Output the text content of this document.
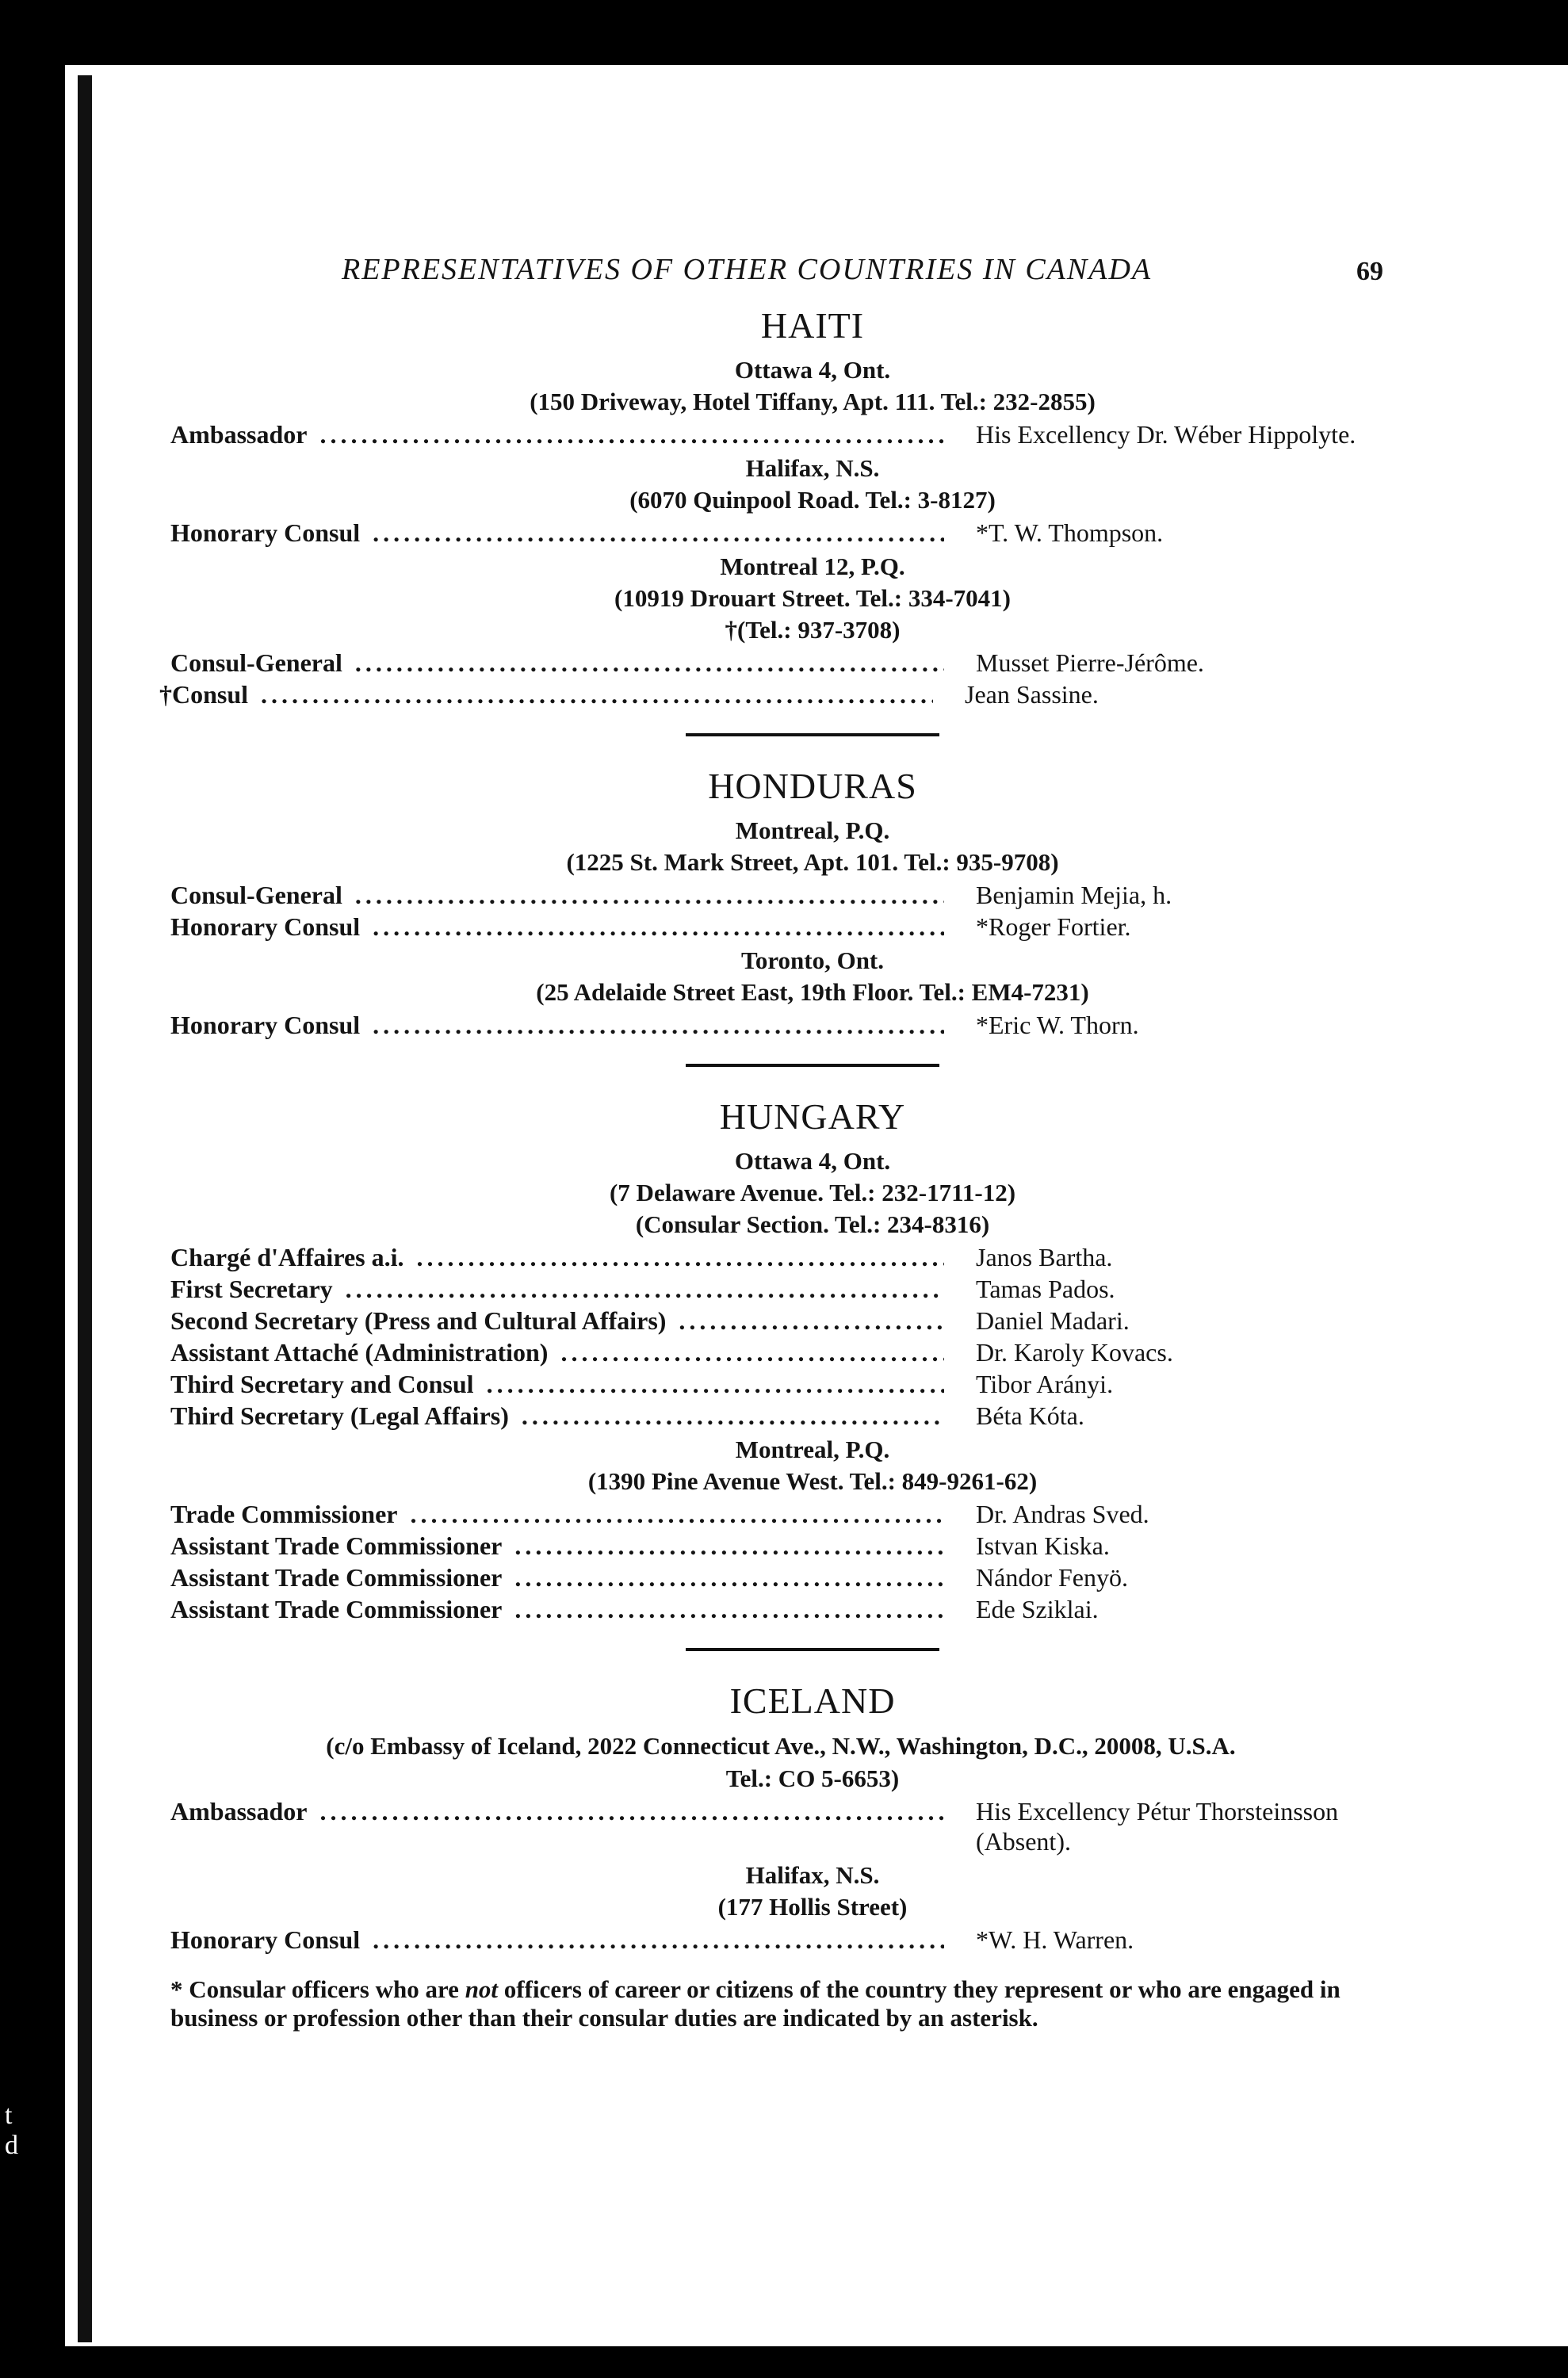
t
d
REPRESENTATIVES OF OTHER COUNTRIES IN CANADA	69
HAITI
Ottawa 4, Ont.
(150 Driveway, Hotel Tiffany, Apt. 111. Tel.: 232-2855)
Ambassador .....	His Excellency Dr. Wéber Hippolyte.
Halifax, N.S.
(6070 Quinpool Road. Tel.: 3-8127)
Honorary Consul .....	*T. W. Thompson.
Montreal 12, P.Q.
(10919 Drouart Street. Tel.: 334-7041)
†(Tel.: 937-3708)
Consul-General .....	Musset Pierre-Jérôme.
†Consul .....	Jean Sassine.
HONDURAS
Montreal, P.Q.
(1225 St. Mark Street, Apt. 101. Tel.: 935-9708)
Consul-General .....	Benjamin Mejia, h.
Honorary Consul .....	*Roger Fortier.
Toronto, Ont.
(25 Adelaide Street East, 19th Floor. Tel.: EM4-7231)
Honorary Consul .....	*Eric W. Thorn.
HUNGARY
Ottawa 4, Ont.
(7 Delaware Avenue. Tel.: 232-1711-12)
(Consular Section. Tel.: 234-8316)
Chargé d'Affaires a.i. .....	Janos Bartha.
First Secretary .....	Tamas Pados.
Second Secretary (Press and Cultural Affairs) .....	Daniel Madari.
Assistant Attaché (Administration) .....	Dr. Karoly Kovacs.
Third Secretary and Consul .....	Tibor Arányi.
Third Secretary (Legal Affairs) .....	Béta Kóta.
Montreal, P.Q.
(1390 Pine Avenue West. Tel.: 849-9261-62)
Trade Commissioner .....	Dr. Andras Sved.
Assistant Trade Commissioner .....	Istvan Kiska.
Assistant Trade Commissioner .....	Nándor Fenyö.
Assistant Trade Commissioner .....	Ede Sziklai.
ICELAND
(c/o Embassy of Iceland, 2022 Connecticut Ave., N.W., Washington, D.C., 20008, U.S.A.
Tel.: CO 5-6653)
Ambassador .....	His Excellency Pétur Thorsteinsson (Absent).
Halifax, N.S.
(177 Hollis Street)
Honorary Consul .....	*W. H. Warren.
* Consular officers who are not officers of career or citizens of the country they represent or who are engaged in business or profession other than their consular duties are indicated by an asterisk.
